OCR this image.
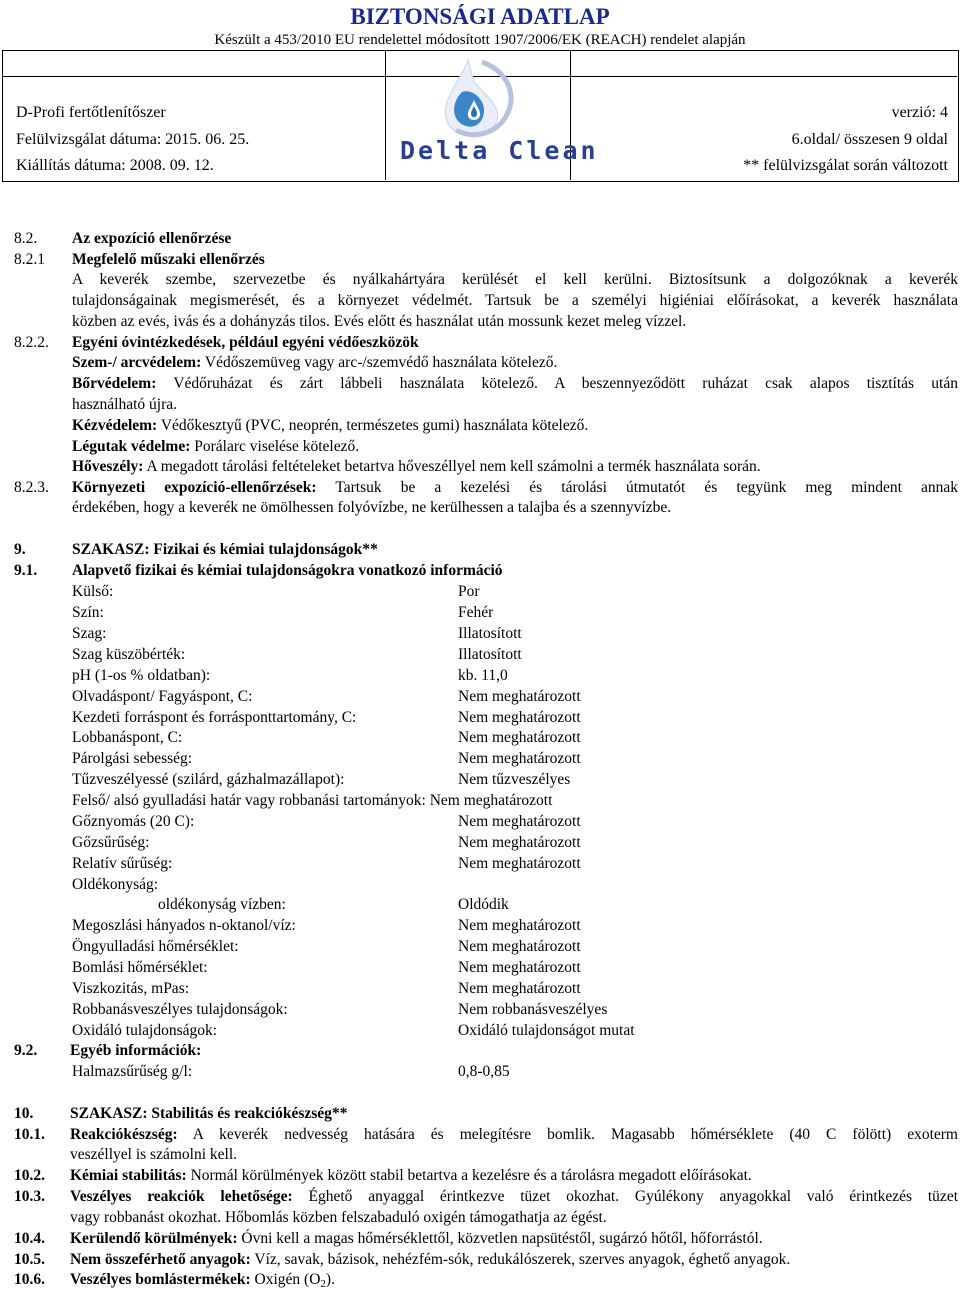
BIZTONSÁGI ADATLAP
Készült a 453/2010 EU rendelettel módosított 1907/2006/EK (REACH) rendelet alapján
D-Profi fertőtlenítőszer
Felülvizsgálat dátuma: 2015. 06. 25.
Kiállítás dátuma: 2008. 09. 12.
verzió: 4
6.oldal/ összesen 9 oldal
** felülvizsgálat során változott
Delta Clean
8.2. Az expozíció ellenőrzése
8.2.1 Megfelelő műszaki ellenőrzés
A keverék szembe, szervezetbe és nyálkahártyára kerülését el kell kerülni. Biztosítsunk a dolgozóknak a keverék
tulajdonságainak megismerését, és a környezet védelmét. Tartsuk be a személyi higiéniai előírásokat, a keverék használata
közben az evés, ivás és a dohányzás tilos. Evés előtt és használat után mossunk kezet meleg vízzel.
8.2.2. Egyéni óvintézkedések, például egyéni védőeszközök
Szem-/ arcvédelem: Védőszemüveg vagy arc-/szemvédő használata kötelező.
Bőrvédelem: Védőruházat és zárt lábbeli használata kötelező. A beszennyeződött ruházat csak alapos tisztítás után
használható újra.
Kézvédelem: Védőkesztyű (PVC, neoprén, természetes gumi) használata kötelező.
Légutak védelme: Porálarc viselése kötelező.
Hőveszély: A megadott tárolási feltételeket betartva hőveszéllyel nem kell számolni a termék használata során.
8.2.3. Környezeti expozíció-ellenőrzések: Tartsuk be a kezelési és tárolási útmutatót és tegyünk meg mindent annak
érdekében, hogy a keverék ne ömölhessen folyóvízbe, ne kerülhessen a talajba és a szennyvízbe.
9.	SZAKASZ: Fizikai és kémiai tulajdonságok**
9.1. Alapvető fizikai és kémiai tulajdonságokra vonatkozó információ
Külső:	Por
Szín:	Fehér
Szag:	Illatosított
Szag küszöbérték:	Illatosított
pH (1-os % oldatban):	kb. 11,0
Olvadáspont/ Fagyáspont, C:	Nem meghatározott
Kezdeti forráspont és forrásponttartomány, C:	Nem meghatározott
Lobbanáspont, C:	Nem meghatározott
Párolgási sebesség:	Nem meghatározott
Tűzveszélyessé (szilárd, gázhalmazállapot):	Nem tűzveszélyes
Felső/ alsó gyulladási határ vagy robbanási tartományok: Nem meghatározott
Gőznyomás (20 C):	Nem meghatározott
Gőzsűrűség:	Nem meghatározott
Relatív sűrűség:	Nem meghatározott
Oldékonyság:
oldékonyság vízben:	Oldódik
Megoszlási hányados n-oktanol/víz:	Nem meghatározott
Öngyulladási hőmérséklet:	Nem meghatározott
Bomlási hőmérséklet:	Nem meghatározott
Viszkozitás, mPas:	Nem meghatározott
Robbanásveszélyes tulajdonságok:	Nem robbanásveszélyes
Oxidáló tulajdonságok:	Oxidáló tulajdonságot mutat
9.2. Egyéb információk:
Halmazsűrűség g/l:	0,8-0,85
10. SZAKASZ: Stabilitás és reakciókészség**
10.1. Reakciókészség: A keverék nedvesség hatására és melegítésre bomlik. Magasabb hőmérséklete (40 C fölött) exoterm
veszéllyel is számolni kell.
10.2. Kémiai stabilitás: Normál körülmények között stabil betartva a kezelésre és a tárolásra megadott előírásokat.
10.3. Veszélyes reakciók lehetősége: Éghető anyaggal érintkezve tüzet okozhat. Gyúlékony anyagokkal való érintkezés tüzet
vagy robbanást okozhat. Hőbomlás közben felszabaduló oxigén támogathatja az égést.
10.4. Kerülendő körülmények: Óvni kell a magas hőmérséklettől, közvetlen napsütéstől, sugárzó hőtől, hőforrástól.
10.5. Nem összeférhető anyagok: Víz, savak, bázisok, nehézfém-sók, redukálószerek, szerves anyagok, éghető anyagok.
10.6. Veszélyes bomlástermékek: Oxigén $(O_2)$.
